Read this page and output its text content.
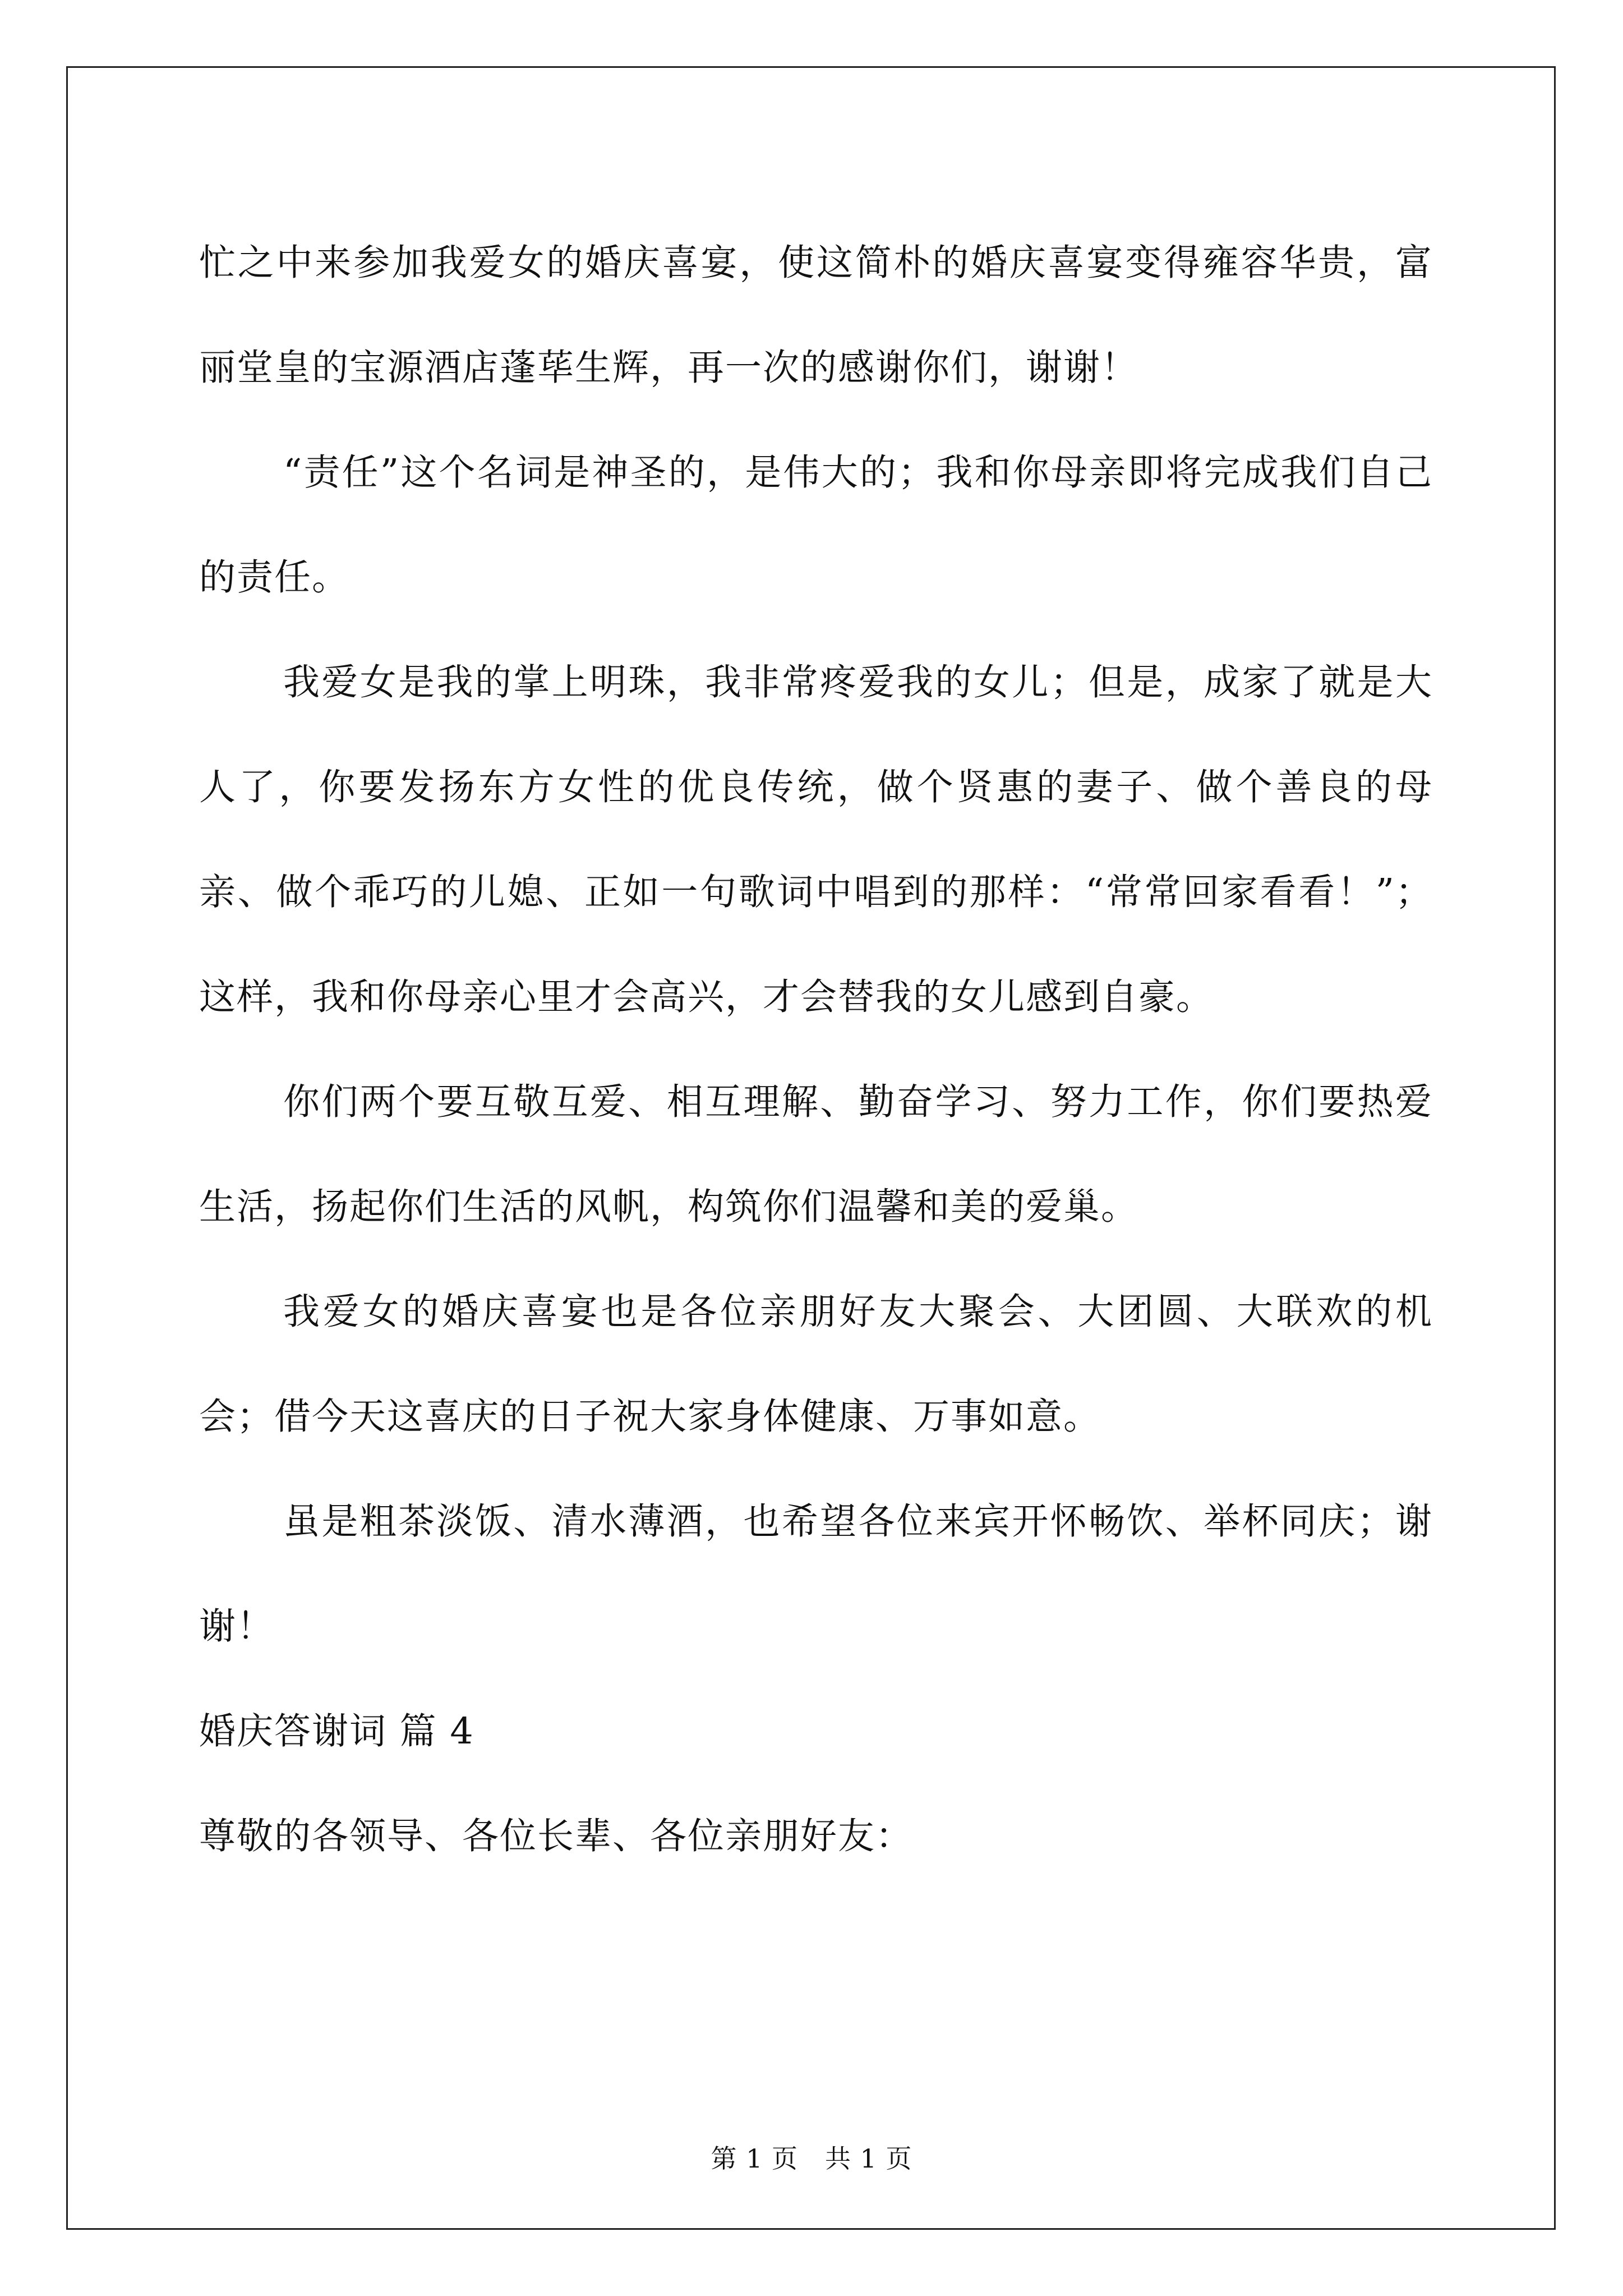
忙之中来参加我爱女的婚庆喜宴，使这简朴的婚庆喜宴变得雍容华贵，富丽堂皇的宝源酒店蓬荜生辉，再一次的感谢你们，谢谢！

“责任”这个名词是神圣的，是伟大的；我和你母亲即将完成我们自己的责任。

我爱女是我的掌上明珠，我非常疼爱我的女儿；但是，成家了就是大人了，你要发扬东方女性的优良传统，做个贤惠的妻子、做个善良的母亲、做个乖巧的儿媳、正如一句歌词中唱到的那样：“常常回家看看！”；这样，我和你母亲心里才会高兴，才会替我的女儿感到自豪。

你们两个要互敬互爱、相互理解、勤奋学习、努力工作，你们要热爱生活，扬起你们生活的风帆，构筑你们温馨和美的爱巢。

我爱女的婚庆喜宴也是各位亲朋好友大聚会、大团圆、大联欢的机会；借今天这喜庆的日子祝大家身体健康、万事如意。

虽是粗茶淡饭、清水薄酒，也希望各位来宾开怀畅饮、举杯同庆；谢谢！

婚庆答谢词 篇 4

尊敬的各领导、各位长辈、各位亲朋好友：

第 1 页 共 1 页
